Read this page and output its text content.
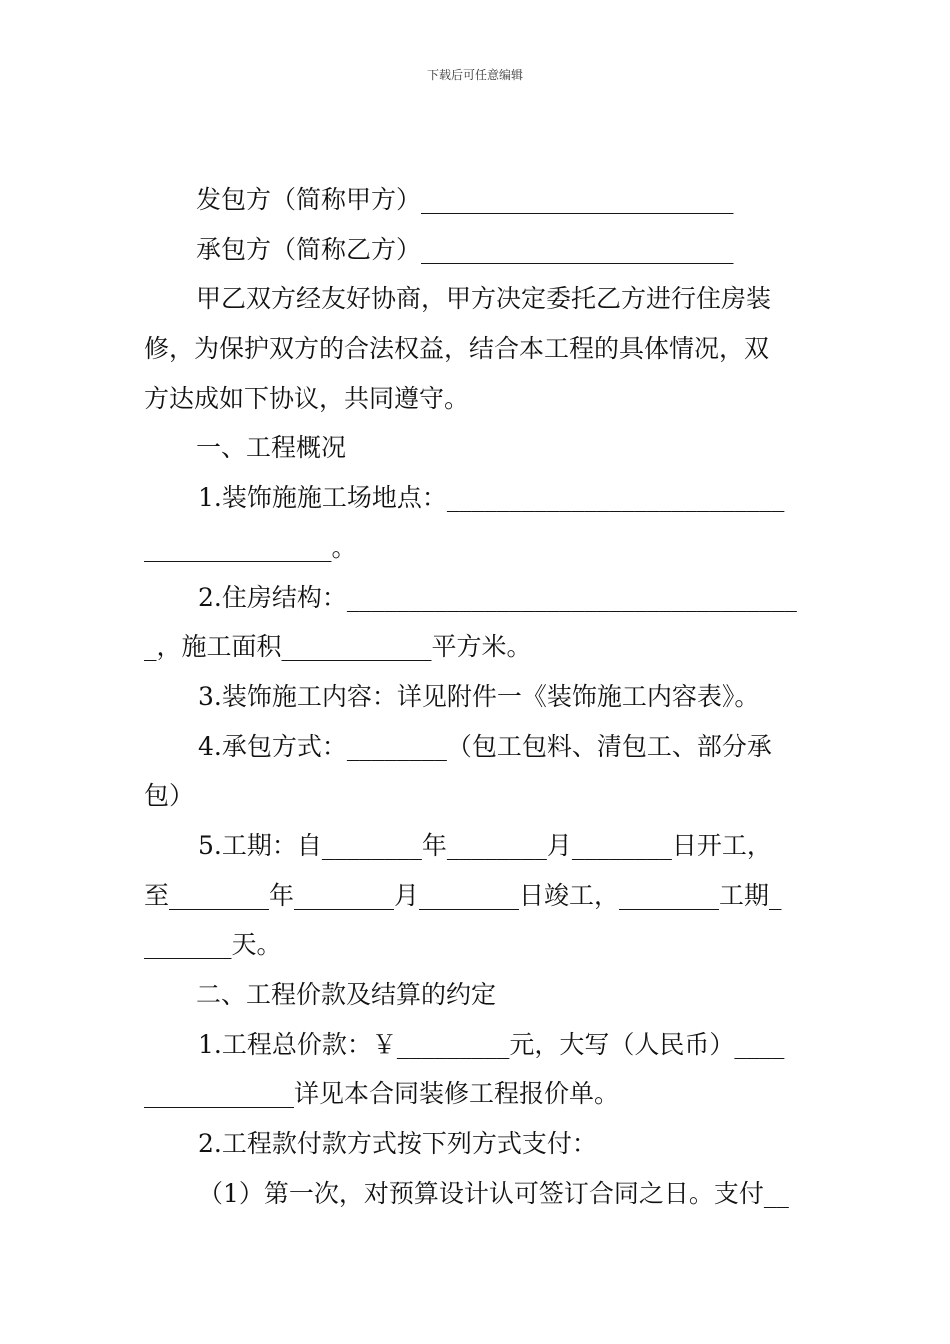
下载后可任意编辑
发包方（简称甲方）_________________________
承包方（简称乙方）_________________________
甲乙双方经友好协商，甲方决定委托乙方进行住房装
修，为保护双方的合法权益，结合本工程的具体情况，双
方达成如下协议，共同遵守。
一、工程概况
1.装饰施施工场地点：___________________________
_______________。
2.住房结构：____________________________________
_，施工面积____________平方米。
3.装饰施工内容：详见附件一《装饰施工内容表》。
4.承包方式：________（包工包料、清包工、部分承
包）
5.工期：自________年________月________日开工，
至________年________月________日竣工，________工期_
_______天。
二、工程价款及结算的约定
1.工程总价款：￥_________元，大写（人民币）____
____________详见本合同装修工程报价单。
2.工程款付款方式按下列方式支付：
（1）第一次，对预算设计认可签订合同之日。支付__
